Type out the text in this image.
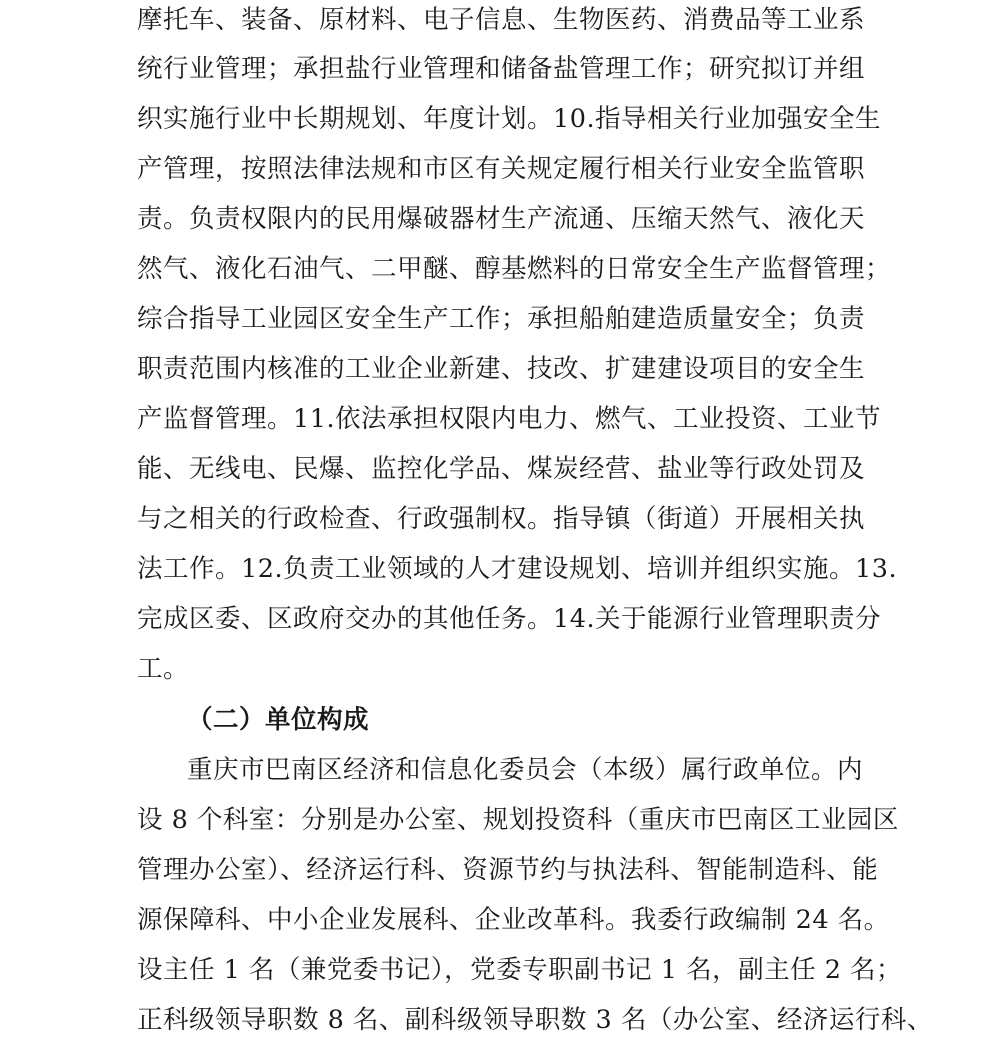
摩托车、装备、原材料、电子信息、生物医药、消费品等工业系
统行业管理；承担盐行业管理和储备盐管理工作；研究拟订并组
织实施行业中长期规划、年度计划。10.指导相关行业加强安全生
产管理，按照法律法规和市区有关规定履行相关行业安全监管职
责。负责权限内的民用爆破器材生产流通、压缩天然气、液化天
然气、液化石油气、二甲醚、醇基燃料的日常安全生产监督管理；
综合指导工业园区安全生产工作；承担船舶建造质量安全；负责
职责范围内核准的工业企业新建、技改、扩建建设项目的安全生
产监督管理。11.依法承担权限内电力、燃气、工业投资、工业节
能、无线电、民爆、监控化学品、煤炭经营、盐业等行政处罚及
与之相关的行政检查、行政强制权。指导镇（街道）开展相关执
法工作。12.负责工业领域的人才建设规划、培训并组织实施。13.
完成区委、区政府交办的其他任务。14.关于能源行业管理职责分
工。
（二）单位构成
重庆市巴南区经济和信息化委员会（本级）属行政单位。内
设 8 个科室：分别是办公室、规划投资科（重庆市巴南区工业园区
管理办公室）、经济运行科、资源节约与执法科、智能制造科、能
源保障科、中小企业发展科、企业改革科。我委行政编制 24 名。
设主任 1 名（兼党委书记），党委专职副书记 1 名，副主任 2 名；
正科级领导职数 8 名、副科级领导职数 3 名（办公室、经济运行科、
